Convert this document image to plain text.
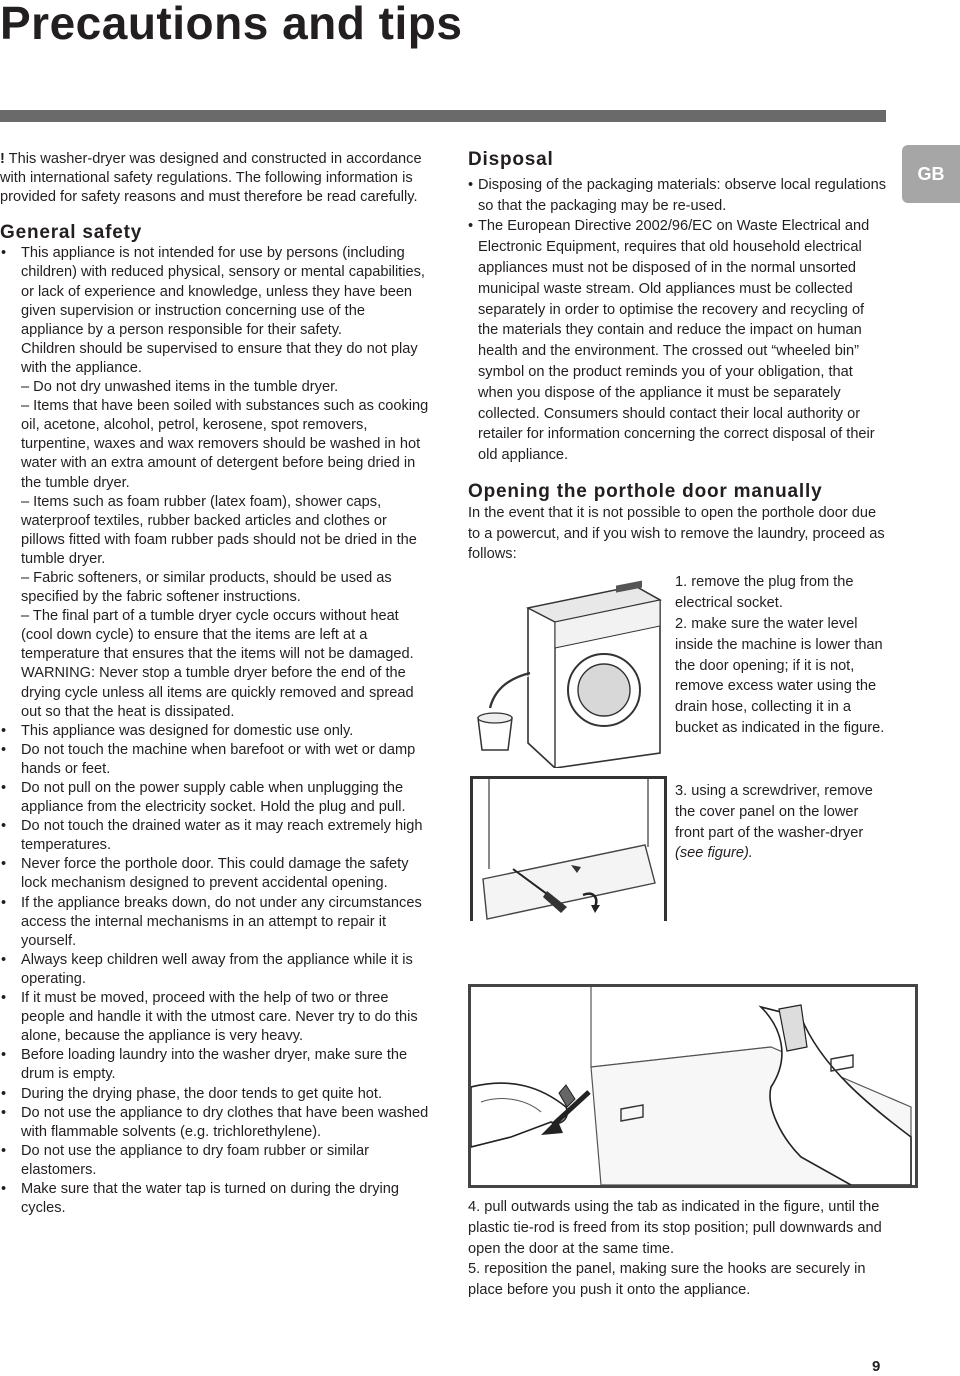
Precautions and tips
GB

! This washer-dryer was designed and constructed in accordance with international safety regulations. The following information is provided for safety reasons and must therefore be read carefully.

General safety
• This appliance is not intended for use by persons (including children) with reduced physical, sensory or mental capabilities, or lack of experience and knowledge, unless they have been given supervision or instruction concerning use of the appliance by a person responsible for their safety.

Children should be supervised to ensure that they do not play with the appliance.

– Do not dry unwashed items in the tumble dryer.

– Items that have been soiled with substances such as cooking oil, acetone, alcohol, petrol, kerosene, spot removers, turpentine, waxes and wax removers should be washed in hot water with an extra amount of detergent before being dried in the tumble dryer.

– Items such as foam rubber (latex foam), shower caps, waterproof textiles, rubber backed articles and clothes or pillows fitted with foam rubber pads should not be dried in the tumble dryer.

– Fabric softeners, or similar products, should be used as specified by the fabric softener instructions.

– The final part of a tumble dryer cycle occurs without heat (cool down cycle) to ensure that the items are left at a temperature that ensures that the items will not be damaged.

WARNING: Never stop a tumble dryer before the end of the drying cycle unless all items are quickly removed and spread out so that the heat is dissipated.

• This appliance was designed for domestic use only.
• Do not touch the machine when barefoot or with wet or damp hands or feet.
• Do not pull on the power supply cable when unplugging the appliance from the electricity socket. Hold the plug and pull.
• Do not touch the drained water as it may reach extremely high temperatures.
• Never force the porthole door. This could damage the safety lock mechanism designed to prevent accidental opening.
• If the appliance breaks down, do not under any circumstances access the internal mechanisms in an attempt to repair it yourself.
• Always keep children well away from the appliance while it is operating.
• If it must be moved, proceed with the help of two or three people and handle it with the utmost care. Never try to do this alone, because the appliance is very heavy.
• Before loading laundry into the washer dryer, make sure the drum is empty.
• During the drying phase, the door tends to get quite hot.
• Do not use the appliance to dry clothes that have been washed with flammable solvents (e.g. trichlorethylene).
• Do not use the appliance to dry foam rubber or similar elastomers.
• Make sure that the water tap is turned on during the drying cycles.
Disposal
• Disposing of the packaging materials: observe local regulations so that the packaging may be re-used.
• The European Directive 2002/96/EC on Waste Electrical and Electronic Equipment, requires that old household electrical appliances must not be disposed of in the normal unsorted municipal waste stream. Old appliances must be collected separately in order to optimise the recovery and recycling of the materials they contain and reduce the impact on human health and the environment. The crossed out “wheeled bin” symbol on the product reminds you of your obligation, that when you dispose of the appliance it must be separately collected. Consumers should contact their local authority or retailer for information concerning the correct disposal of their old appliance.
Opening the porthole door manually

In the event that it is not possible to open the porthole door due to a powercut, and if you wish to remove the laundry, proceed as follows:

1. remove the plug from the electrical socket.

2. make sure the water level inside the machine is lower than the door opening; if it is not, remove excess water using the drain hose, collecting it in a bucket as indicated in the figure.

3. using a screwdriver, remove the cover panel on the lower front part of the washer-dryer (see figure).

4. pull outwards using the tab as indicated in the figure, until the plastic tie-rod is freed from its stop position; pull downwards and open the door at the same time.

5. reposition the panel, making sure the hooks are securely in place before you push it onto the appliance.

9
